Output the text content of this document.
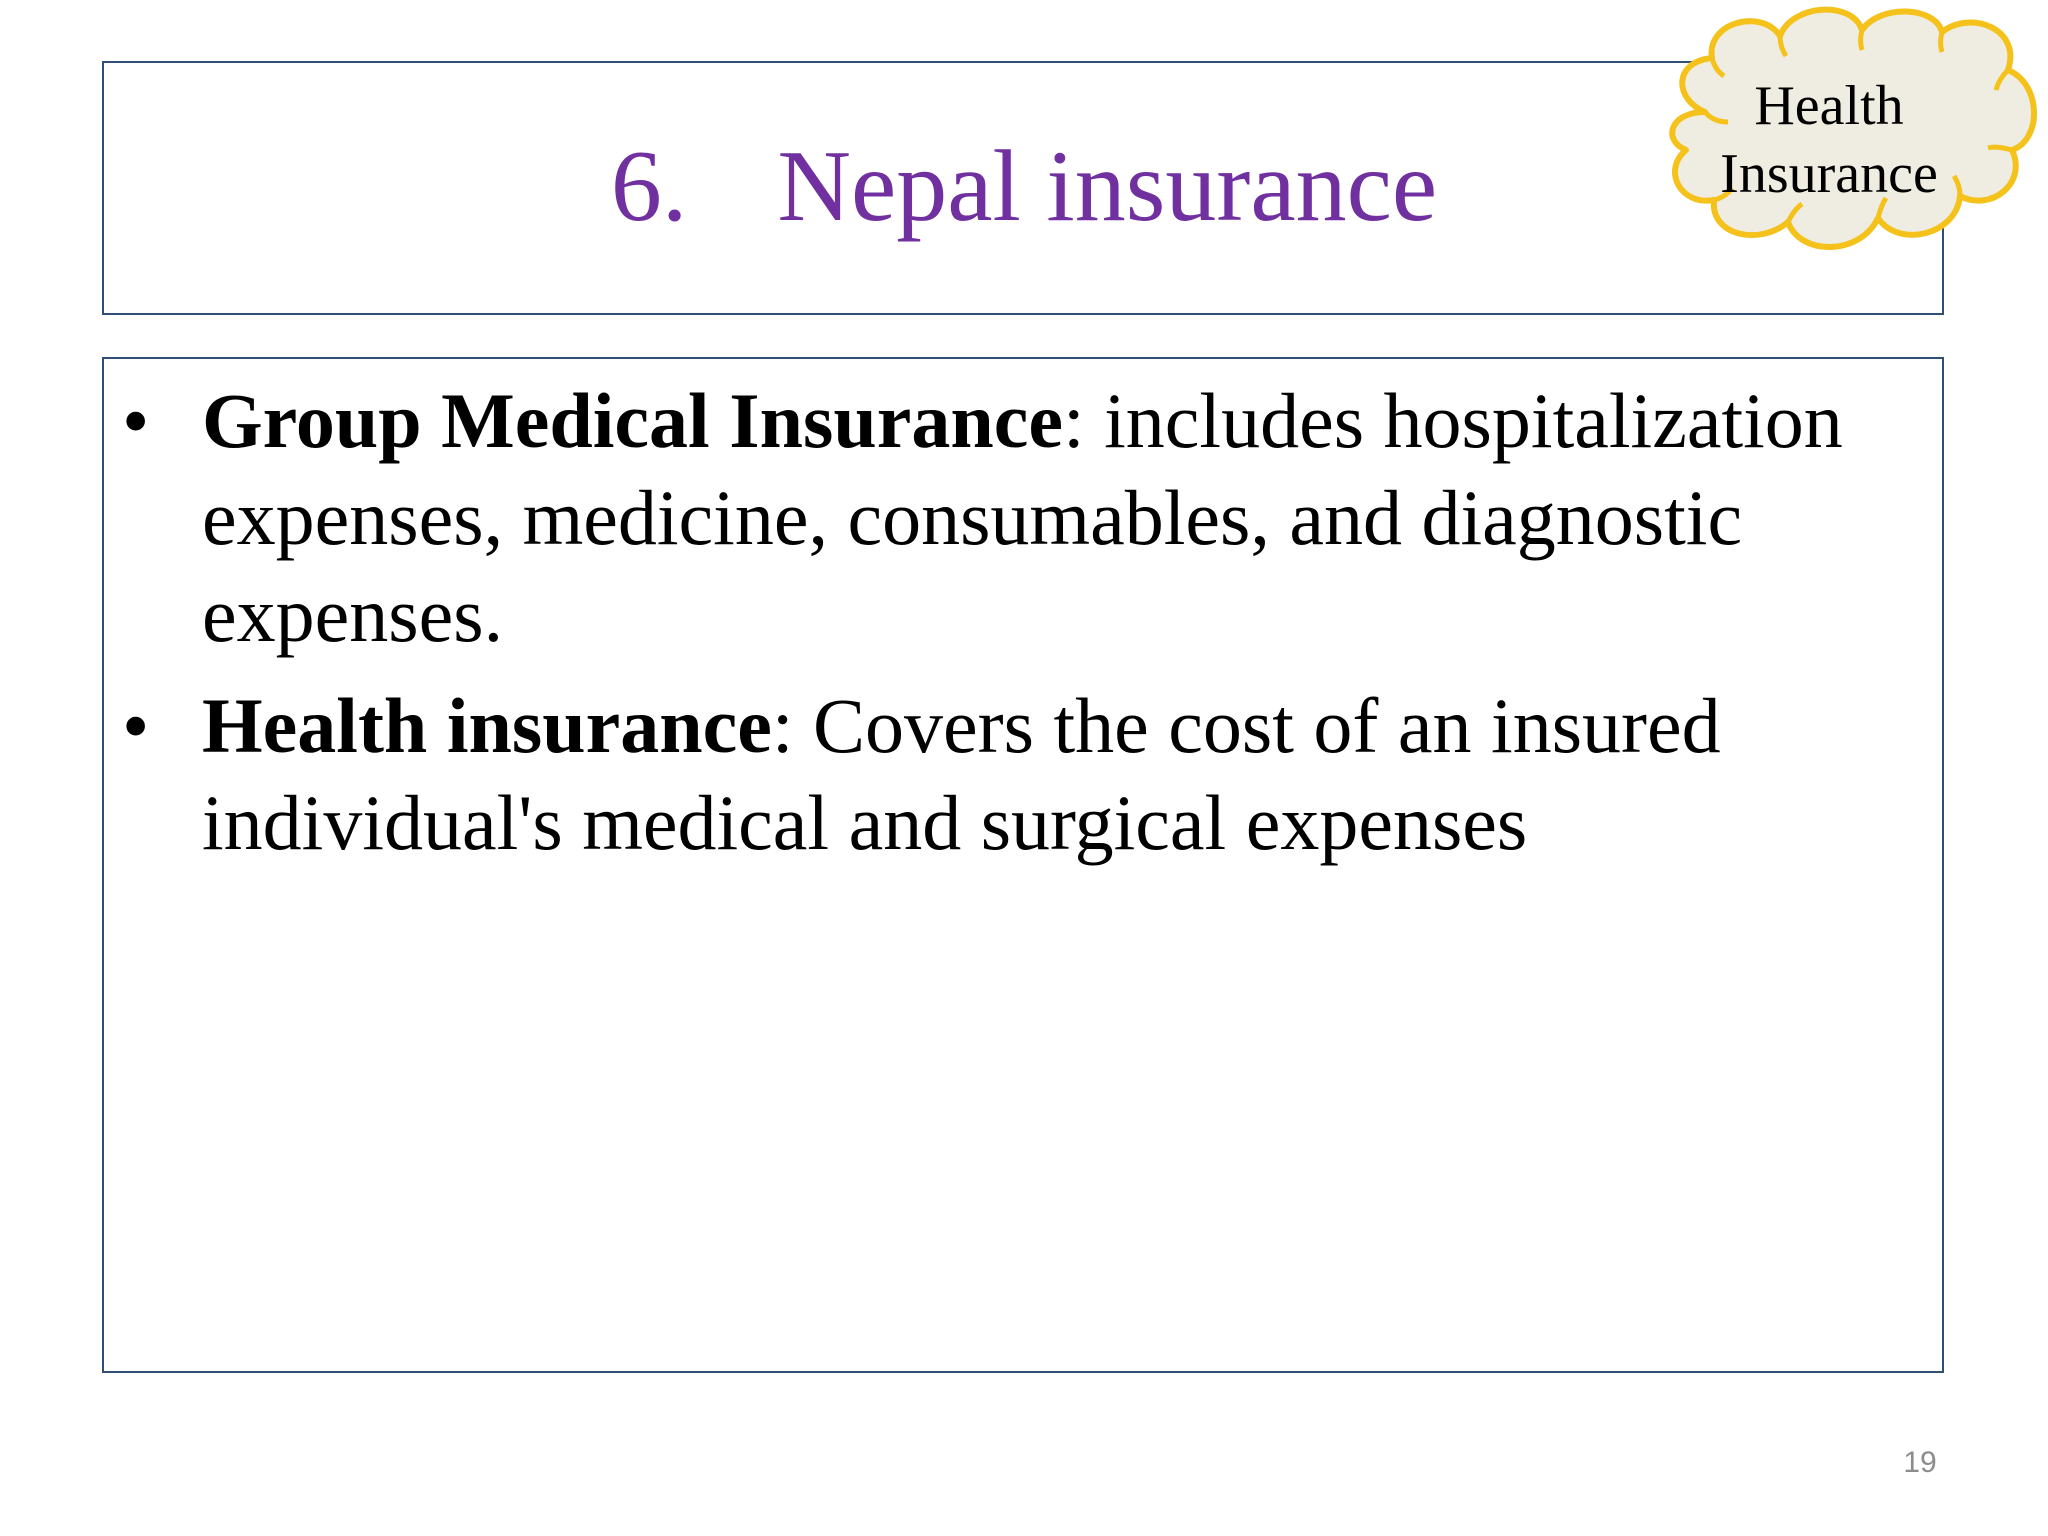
6. Nepal insurance
Health
Insurance
• Group Medical Insurance: includes hospitalization expenses, medicine, consumables, and diagnostic expenses.
• Health insurance: Covers the cost of an insured individual's medical and surgical expenses
19
